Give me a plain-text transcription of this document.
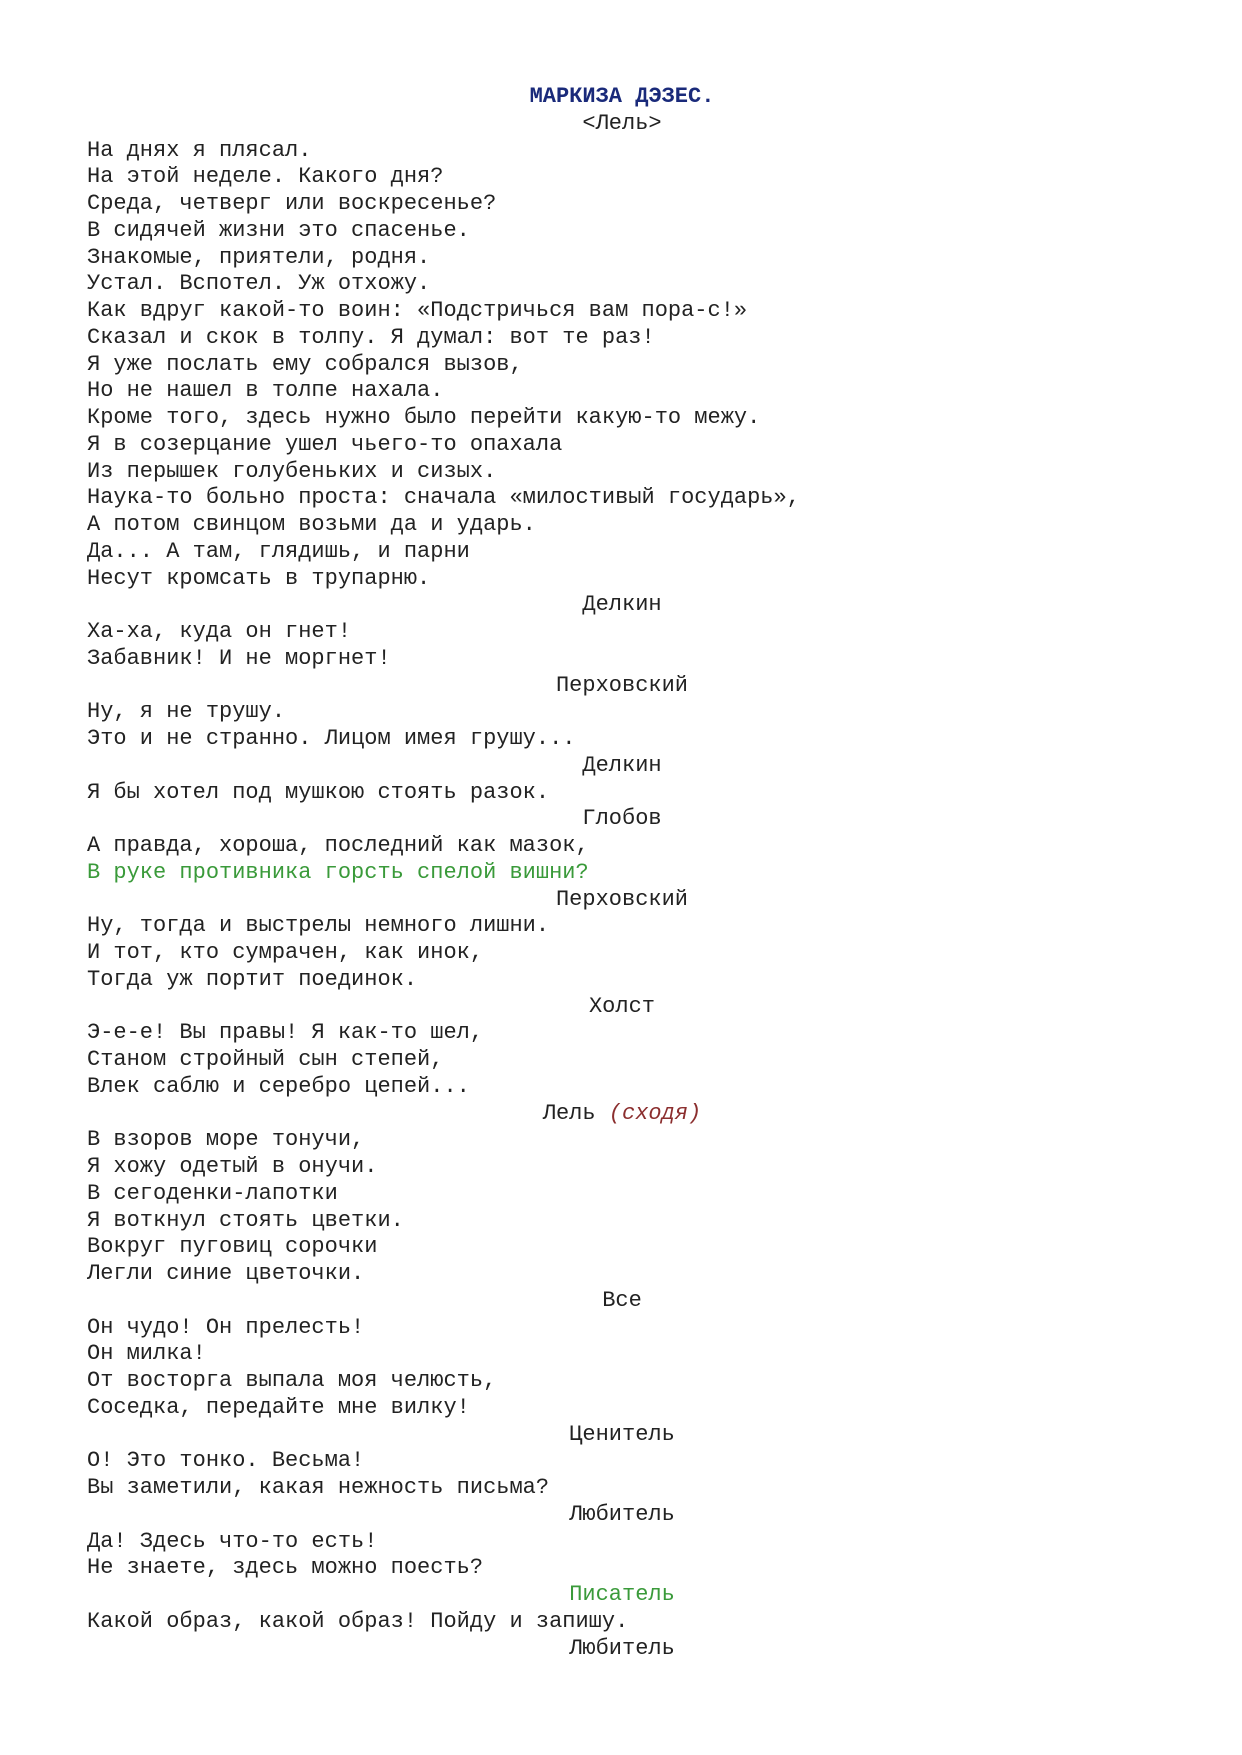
МАРКИЗА ДЭЗЕС.
<Лель>
На днях я плясал.
На этой неделе. Какого дня?
Среда, четверг или воскресенье?
В сидячей жизни это спасенье.
Знакомые, приятели, родня.
Устал. Вспотел. Уж отхожу.
Как вдруг какой-то воин: «Подстричься вам пора-с!»
Сказал и скок в толпу. Я думал: вот те раз!
Я уже послать ему собрался вызов,
Но не нашел в толпе нахала.
Кроме того, здесь нужно было перейти какую-то межу.
Я в созерцание ушел чьего-то опахала
Из перышек голубеньких и сизых.
Наука-то больно проста: сначала «милостивый государь»,
А потом свинцом возьми да и ударь.
Да... А там, глядишь, и парни
Несут кромсать в трупарню.
Делкин
Ха-ха, куда он гнет!
Забавник! И не моргнет!
Перховский
Ну, я не трушу.
Это и не странно. Лицом имея грушу...
Делкин
Я бы хотел под мушкою стоять разок.
Глобов
А правда, хороша, последний как мазок,
В руке противника горсть спелой вишни?
Перховский
Ну, тогда и выстрелы немного лишни.
И тот, кто сумрачен, как инок,
Тогда уж портит поединок.
Холст
Э-е-е! Вы правы! Я как-то шел,
Станом стройный сын степей,
Влек саблю и серебро цепей...
Лель (сходя)
В взоров море тонучи,
Я хожу одетый в онучи.
В сегоденки-лапотки
Я воткнул стоять цветки.
Вокруг пуговиц сорочки
Легли синие цветочки.
Все
Он чудо! Он прелесть!
Он милка!
От восторга выпала моя челюсть,
Соседка, передайте мне вилку!
Ценитель
О! Это тонко. Весьма!
Вы заметили, какая нежность письма?
Любитель
Да! Здесь что-то есть!
Не знаете, здесь можно поесть?
Писатель
Какой образ, какой образ! Пойду и запишу.
Любитель
